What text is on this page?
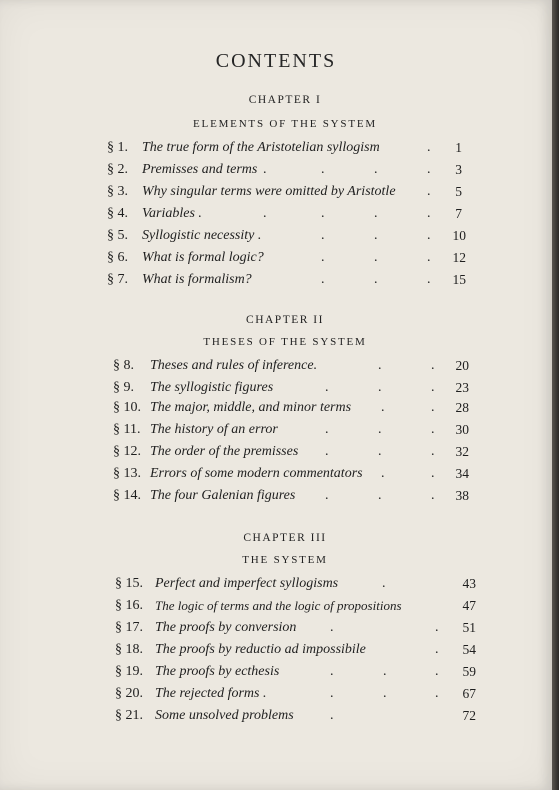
CONTENTS
CHAPTER I
ELEMENTS OF THE SYSTEM
§ 1. The true form of the Aristotelian syllogism	.	1
§ 2. Premisses and terms .	.	.	.	3
§ 3. Why singular terms were omitted by Aristotle .	5
§ 4. Variables .	.	.	.	.	7
§ 5. Syllogistic necessity .	.	.	.	10
§ 6. What is formal logic?	.	.	.	12
§ 7. What is formalism?	.	.	.	15
CHAPTER II
THESES OF THE SYSTEM
§ 8. Theses and rules of inference.	.	.	20
§ 9. The syllogistic figures	.	.	.	23
§ 10. The major, middle, and minor terms .	.	28
§ 11. The history of an error	.	.	.	30
§ 12. The order of the premisses .	.	.	32
§ 13. Errors of some modern commentators .	.	34
§ 14. The four Galenian figures .	.	.	38
CHAPTER III
THE SYSTEM
§ 15. Perfect and imperfect syllogisms	.	43
§ 16. The logic of terms and the logic of propositions	47
§ 17. The proofs by conversion .	.	51
§ 18. The proofs by reductio ad impossibile	.	54
§ 19. The proofs by ecthesis	.	.	.	59
§ 20. The rejected forms .	.	.	.	67
§ 21. Some unsolved problems	.	72
